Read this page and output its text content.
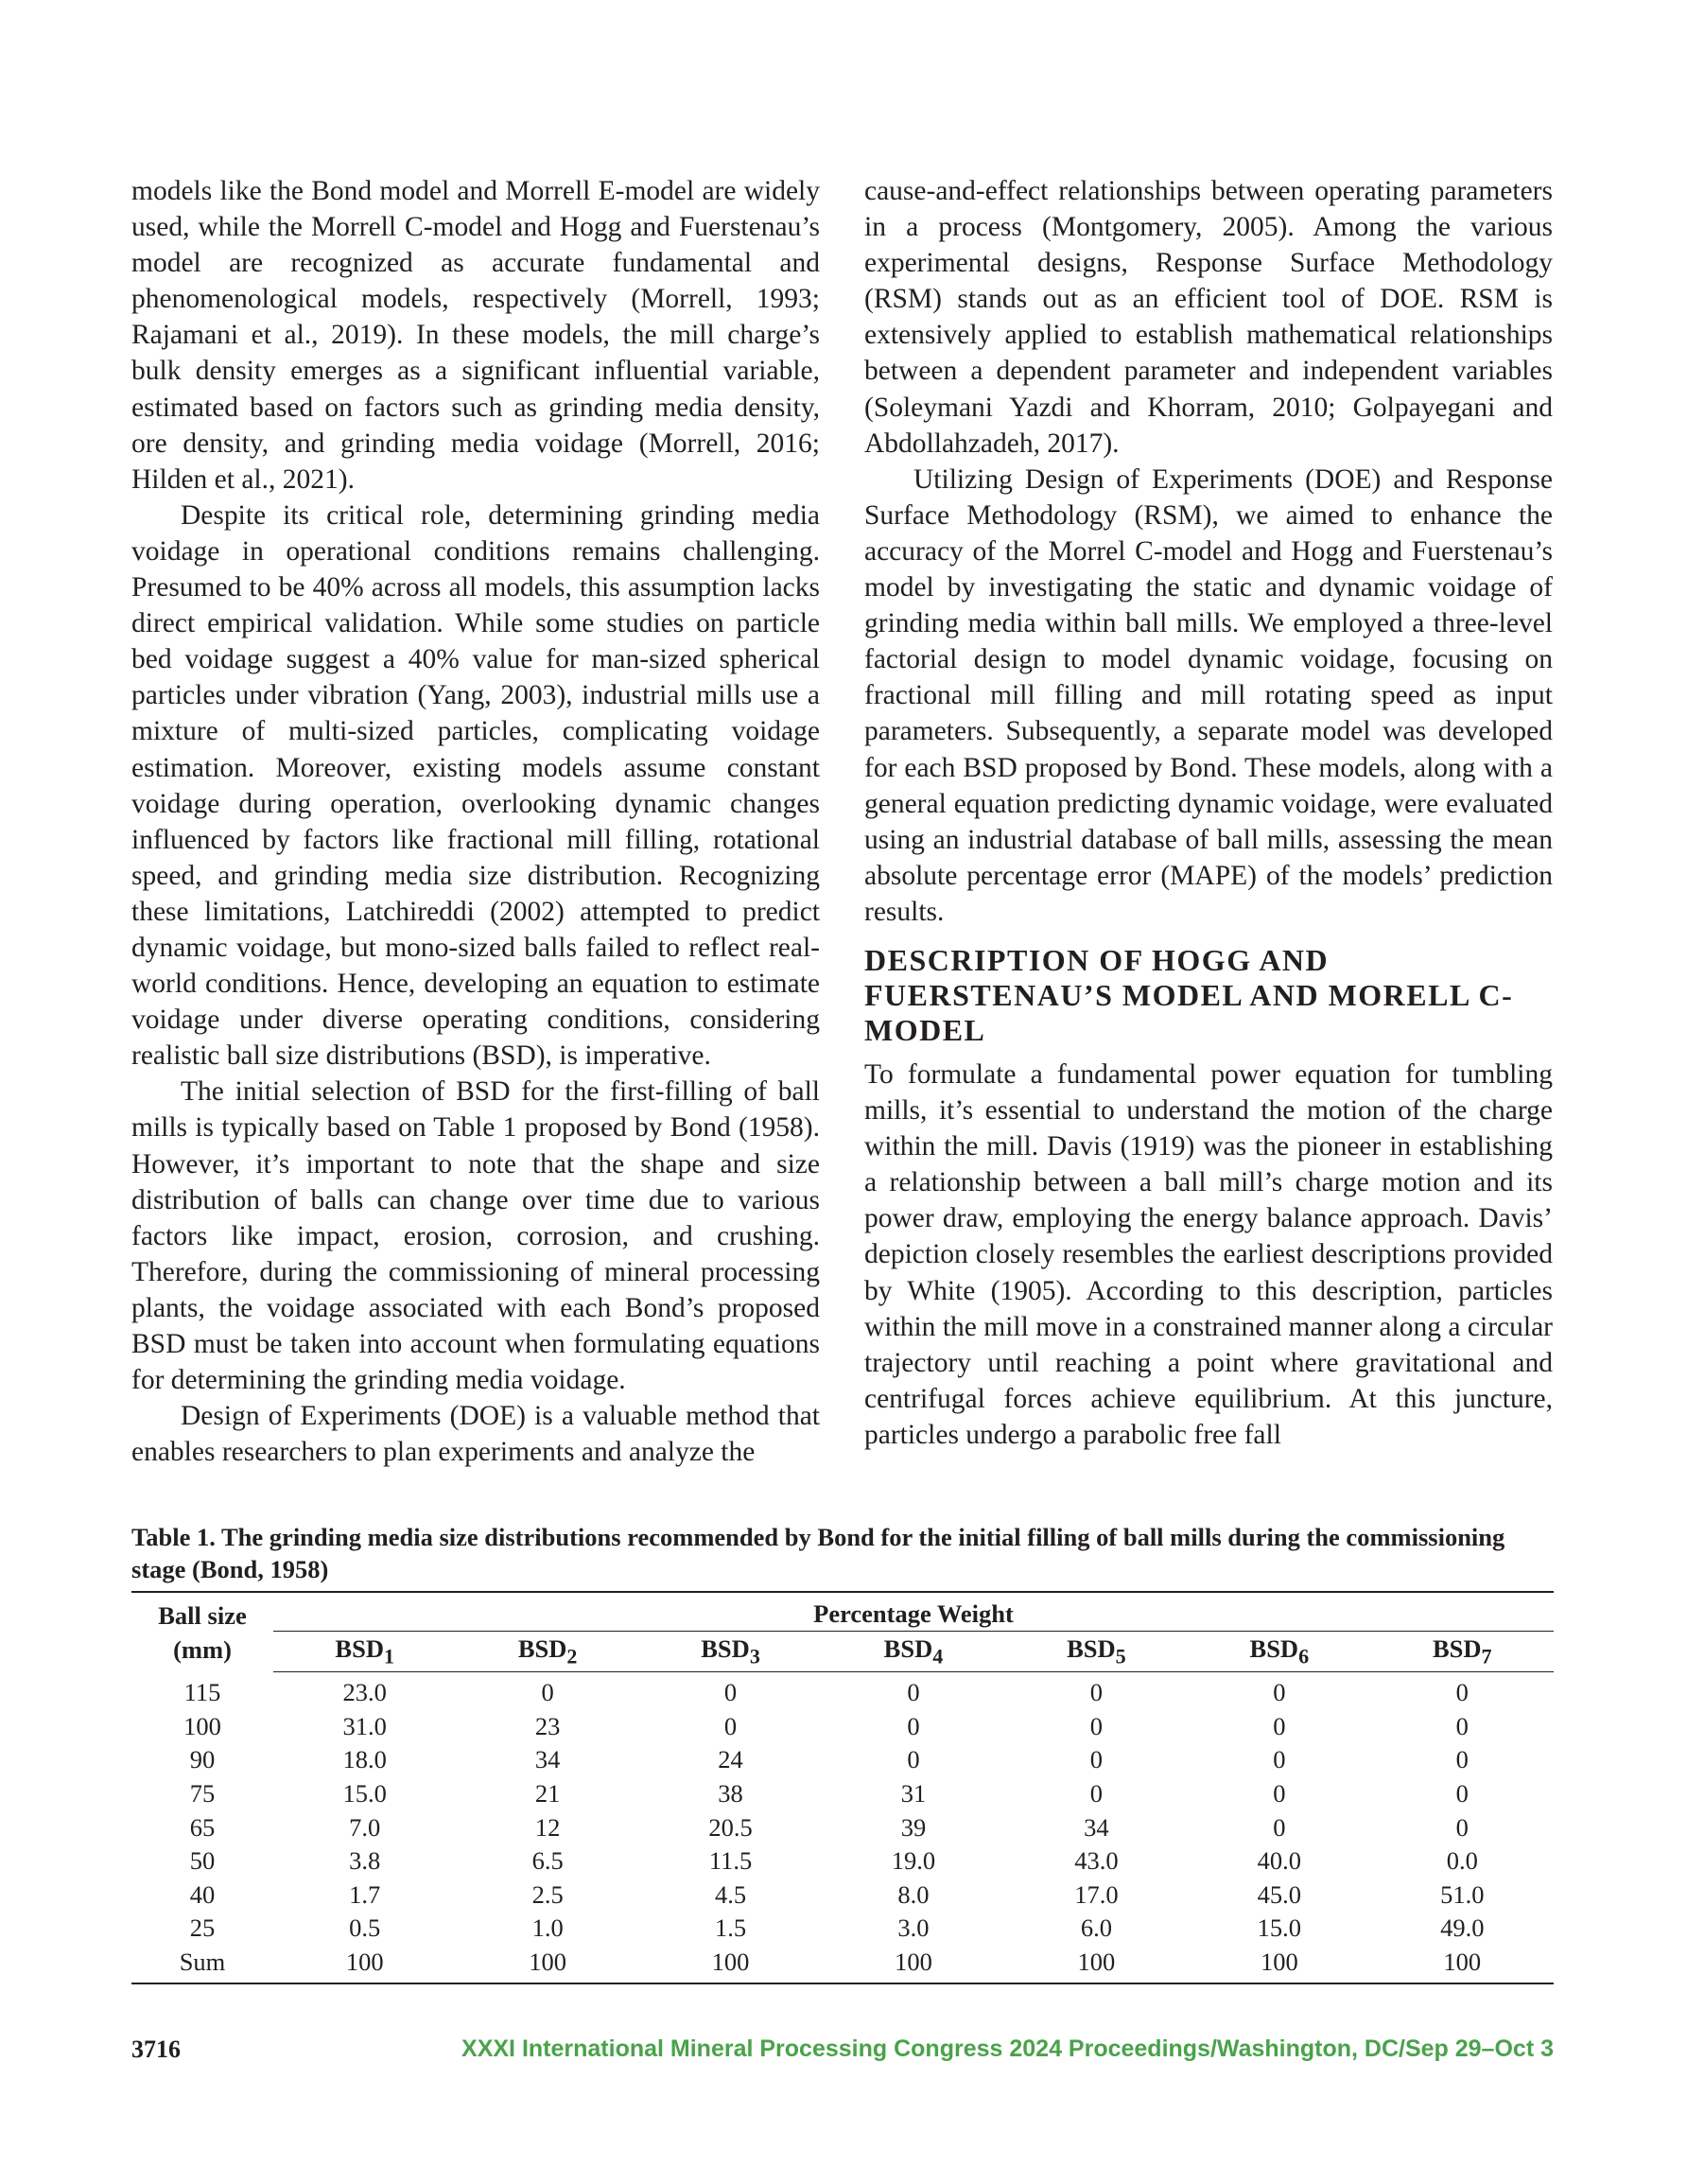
models like the Bond model and Morrell E-model are widely used, while the Morrell C-model and Hogg and Fuerstenau’s model are recognized as accurate fundamental and phenomenological models, respectively (Morrell, 1993; Rajamani et al., 2019). In these models, the mill charge’s bulk density emerges as a significant influential variable, estimated based on factors such as grinding media density, ore density, and grinding media voidage (Morrell, 2016; Hilden et al., 2021).

Despite its critical role, determining grinding media voidage in operational conditions remains challenging. Presumed to be 40% across all models, this assumption lacks direct empirical validation. While some studies on particle bed voidage suggest a 40% value for man-sized spherical particles under vibration (Yang, 2003), industrial mills use a mixture of multi-sized particles, complicating voidage estimation. Moreover, existing models assume constant voidage during operation, overlooking dynamic changes influenced by factors like fractional mill filling, rotational speed, and grinding media size distribution. Recognizing these limitations, Latchireddi (2002) attempted to predict dynamic voidage, but mono-sized balls failed to reflect real-world conditions. Hence, developing an equation to estimate voidage under diverse operating conditions, considering realistic ball size distributions (BSD), is imperative.

The initial selection of BSD for the first-filling of ball mills is typically based on Table 1 proposed by Bond (1958). However, it’s important to note that the shape and size distribution of balls can change over time due to various factors like impact, erosion, corrosion, and crushing. Therefore, during the commissioning of mineral processing plants, the voidage associated with each Bond’s proposed BSD must be taken into account when formulating equations for determining the grinding media voidage.

Design of Experiments (DOE) is a valuable method that enables researchers to plan experiments and analyze the

cause-and-effect relationships between operating parameters in a process (Montgomery, 2005). Among the various experimental designs, Response Surface Methodology (RSM) stands out as an efficient tool of DOE. RSM is extensively applied to establish mathematical relationships between a dependent parameter and independent variables (Soleymani Yazdi and Khorram, 2010; Golpayegani and Abdollahzadeh, 2017).

Utilizing Design of Experiments (DOE) and Response Surface Methodology (RSM), we aimed to enhance the accuracy of the Morrel C-model and Hogg and Fuerstenau’s model by investigating the static and dynamic voidage of grinding media within ball mills. We employed a three-level factorial design to model dynamic voidage, focusing on fractional mill filling and mill rotating speed as input parameters. Subsequently, a separate model was developed for each BSD proposed by Bond. These models, along with a general equation predicting dynamic voidage, were evaluated using an industrial database of ball mills, assessing the mean absolute percentage error (MAPE) of the models’ prediction results.

DESCRIPTION OF HOGG AND FUERSTENAU’S MODEL AND MORELL C-MODEL

To formulate a fundamental power equation for tumbling mills, it’s essential to understand the motion of the charge within the mill. Davis (1919) was the pioneer in establishing a relationship between a ball mill’s charge motion and its power draw, employing the energy balance approach. Davis’ depiction closely resembles the earliest descriptions provided by White (1905). According to this description, particles within the mill move in a constrained manner along a circular trajectory until reaching a point where gravitational and centrifugal forces achieve equilibrium. At this juncture, particles undergo a parabolic free fall

Table 1. The grinding media size distributions recommended by Bond for the initial filling of ball mills during the commissioning stage (Bond, 1958)
Ball size
(mm)	Percentage Weight						
	$BSD_1$	$BSD_2$	$BSD_3$	$BSD_4$	$BSD_5$	$BSD_6$	$BSD_7$
115	23.0	0	0	0	0	0	0
100	31.0	23	0	0	0	0	0
90	18.0	34	24	0	0	0	0
75	15.0	21	38	31	0	0	0
65	7.0	12	20.5	39	34	0	0
50	3.8	6.5	11.5	19.0	43.0	40.0	0.0
40	1.7	2.5	4.5	8.0	17.0	45.0	51.0
25	0.5	1.0	1.5	3.0	6.0	15.0	49.0
Sum	100	100	100	100	100	100	100
3716	XXXI International Mineral Processing Congress 2024 Proceedings/Washington, DC/Sep 29–Oct 3
